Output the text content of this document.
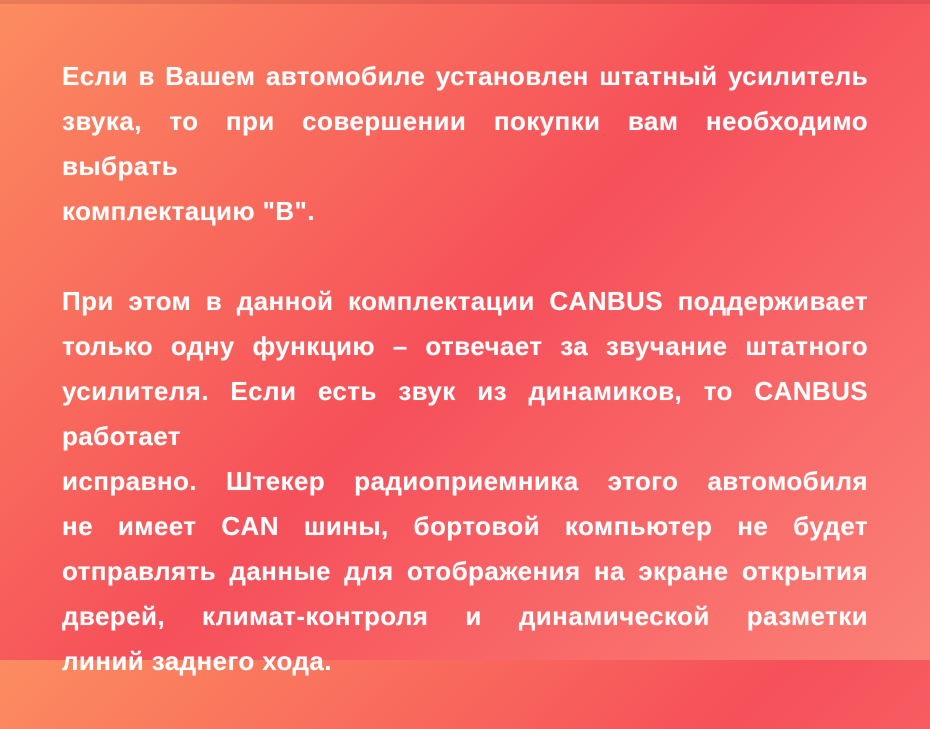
Если в Вашем автомобиле установлен штатный усилитель
звука, то при совершении покупки вам необходимо выбрать
комплектацию "В".
При этом в данной комплектации CANBUS поддерживает
только одну функцию – отвечает за звучание штатного
усилителя. Если есть звук из динамиков, то CANBUS работает
исправно. Штекер радиоприемника этого автомобиля
не имеет CAN шины, бортовой компьютер не будет
отправлять данные для отображения на экране открытия
дверей, климат-контроля и динамической разметки
линий заднего хода.
